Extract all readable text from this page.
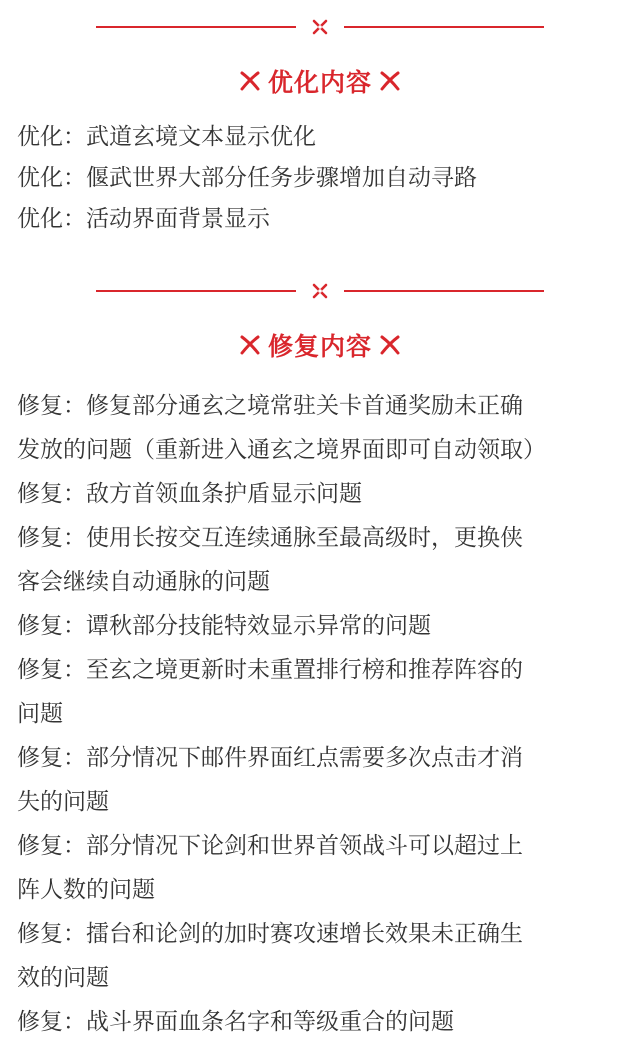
优化内容
优化：武道玄境文本显示优化
优化：偃武世界大部分任务步骤增加自动寻路
优化：活动界面背景显示
修复内容
修复：修复部分通玄之境常驻关卡首通奖励未正确
发放的问题（重新进入通玄之境界面即可自动领取）
修复：敌方首领血条护盾显示问题
修复：使用长按交互连续通脉至最高级时，更换侠
客会继续自动通脉的问题
修复：谭秋部分技能特效显示异常的问题
修复：至玄之境更新时未重置排行榜和推荐阵容的
问题
修复：部分情况下邮件界面红点需要多次点击才消
失的问题
修复：部分情况下论剑和世界首领战斗可以超过上
阵人数的问题
修复：擂台和论剑的加时赛攻速增长效果未正确生
效的问题
修复：战斗界面血条名字和等级重合的问题
